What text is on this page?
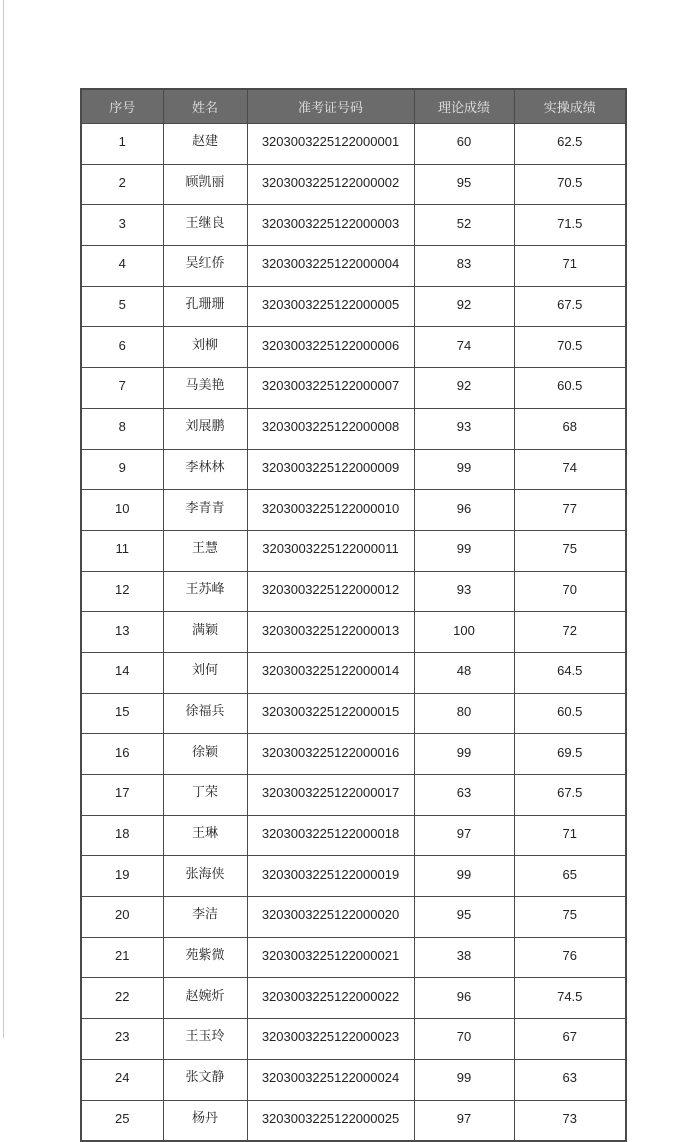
序号	姓名	准考证号码	理论成绩	实操成绩
1	赵建	3203003225122000001	60	62.5
2	顾凯丽	3203003225122000002	95	70.5
3	王继良	3203003225122000003	52	71.5
4	吴红侨	3203003225122000004	83	71
5	孔珊珊	3203003225122000005	92	67.5
6	刘柳	3203003225122000006	74	70.5
7	马美艳	3203003225122000007	92	60.5
8	刘展鹏	3203003225122000008	93	68
9	李林林	3203003225122000009	99	74
10	李青青	3203003225122000010	96	77
11	王慧	3203003225122000011	99	75
12	王苏峰	3203003225122000012	93	70
13	满颖	3203003225122000013	100	72
14	刘何	3203003225122000014	48	64.5
15	徐福兵	3203003225122000015	80	60.5
16	徐颖	3203003225122000016	99	69.5
17	丁荣	3203003225122000017	63	67.5
18	王琳	3203003225122000018	97	71
19	张海侠	3203003225122000019	99	65
20	李洁	3203003225122000020	95	75
21	苑紫微	3203003225122000021	38	76
22	赵婉炘	3203003225122000022	96	74.5
23	王玉玲	3203003225122000023	70	67
24	张文静	3203003225122000024	99	63
25	杨丹	3203003225122000025	97	73
